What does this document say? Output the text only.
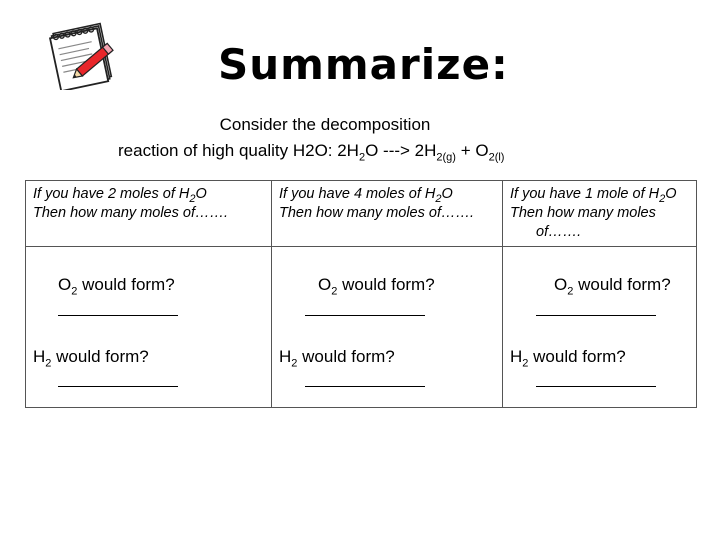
Summarize:
Consider the decomposition
reaction of high quality H2O: $2H_2O$ ---> $2H_{2(g)} + O_{2(l)}$
If you have 2 moles of $H_2O$
Then how many moles of…….
$O_2$ would form?
$H_2$ would form?
If you have 4 moles of $H_2O$
Then how many moles of…….
$O_2$ would form?
$H_2$ would form?
If you have 1 mole of $H_2O$
Then how many moles
of…….
$O_2$ would form?
$H_2$ would form?
